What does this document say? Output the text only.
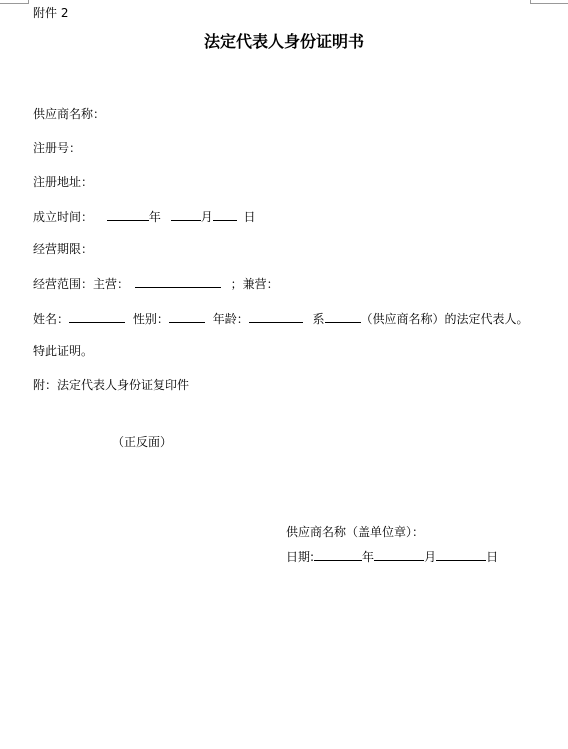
附件 2
法定代表人身份证明书
供应商名称：
注册号：
注册地址：
成立时间：	年	月	日
经营期限：
经营范围：主营：	；兼营：
姓名：	性别：	年龄：	系	（供应商名称）的法定代表人。
特此证明。
附：法定代表人身份证复印件
（正反面）
供应商名称（盖单位章）：
日期:	年	月	日
